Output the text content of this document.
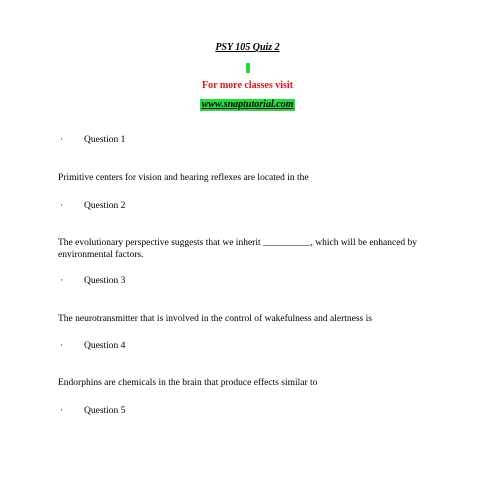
PSY 105 Quiz 2
For more classes visit
www.snaptutorial.com
· Question 1
Primitive centers for vision and hearing reflexes are located in the
· Question 2
The evolutionary perspective suggests that we inherit __________, which will be enhanced by environmental factors.
· Question 3
The neurotransmitter that is involved in the control of wakefulness and alertness is
· Question 4
Endorphins are chemicals in the brain that produce effects similar to
· Question 5
